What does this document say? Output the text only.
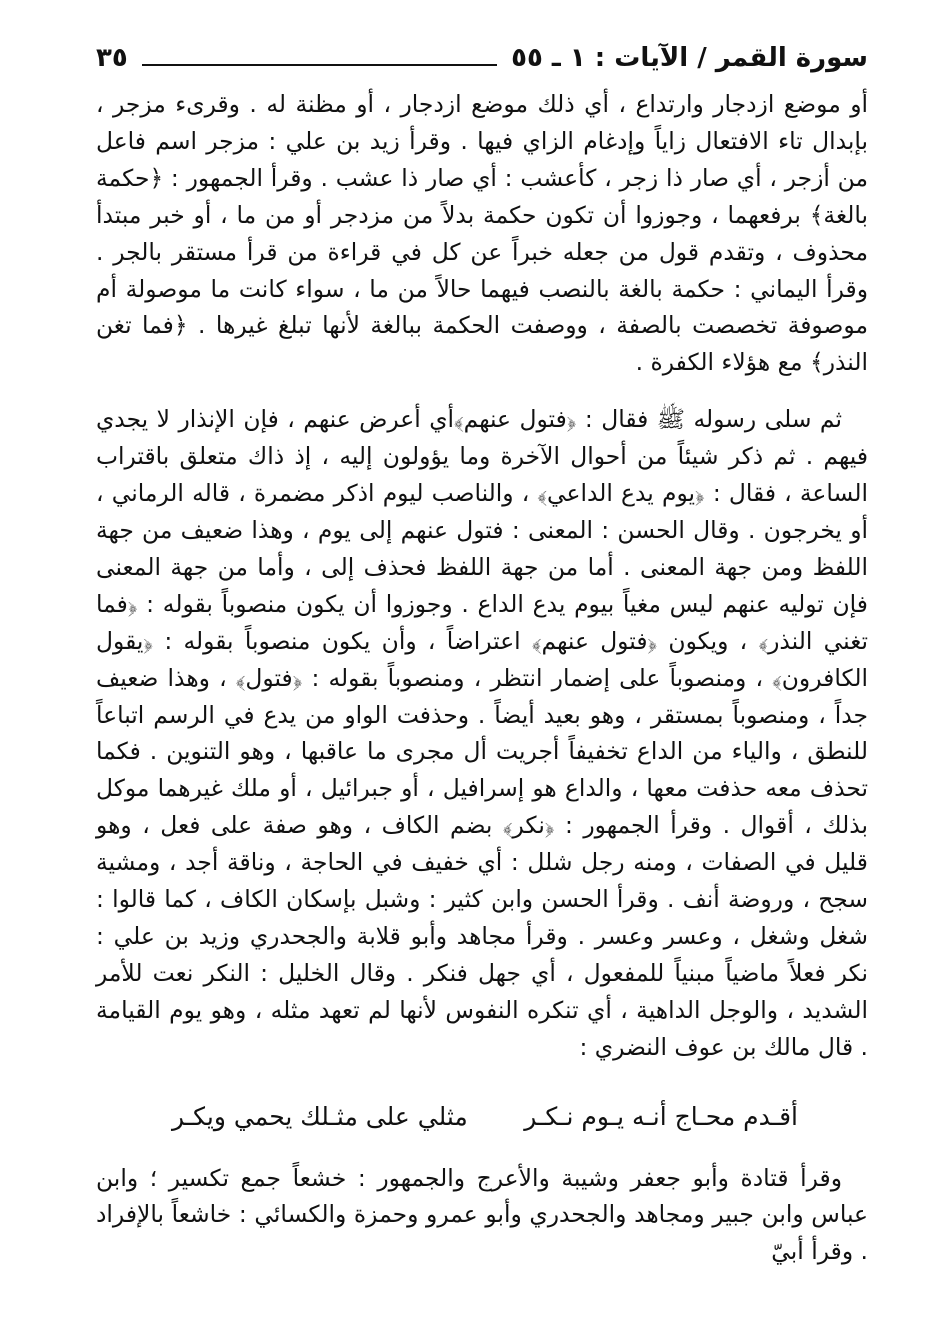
سورة القمر / الآيات : ١ ـ ٥٥
٣٥

أو موضع ازدجار وارتداع ، أي ذلك موضع ازدجار ، أو مظنة له . وقرىء مزجر ، بإبدال تاء الافتعال زاياً وإدغام الزاي فيها . وقرأ زيد بن علي : مزجر اسم فاعل من أزجر ، أي صار ذا زجر ، كأعشب : أي صار ذا عشب . وقرأ الجمهور : ﴿حكمة بالغة﴾ برفعهما ، وجوزوا أن تكون حكمة بدلاً من مزدجر أو من ما ، أو خبر مبتدأ محذوف ، وتقدم قول من جعله خبراً عن كل في قراءة من قرأ مستقر بالجر . وقرأ اليماني : حكمة بالغة بالنصب فيهما حالاً من ما ، سواء كانت ما موصولة أم موصوفة تخصصت بالصفة ، ووصفت الحكمة ببالغة لأنها تبلغ غيرها . ﴿فما تغن النذر﴾ مع هؤلاء الكفرة .

ثم سلى رسوله ﷺ فقال : ﴿فتول عنهم﴾أي أعرض عنهم ، فإن الإنذار لا يجدي فيهم . ثم ذكر شيئاً من أحوال الآخرة وما يؤولون إليه ، إذ ذاك متعلق باقتراب الساعة ، فقال : ﴿يوم يدع الداعي﴾ ، والناصب ليوم اذكر مضمرة ، قاله الرماني ، أو يخرجون . وقال الحسن : المعنى : فتول عنهم إلى يوم ، وهذا ضعيف من جهة اللفظ ومن جهة المعنى . أما من جهة اللفظ فحذف إلى ، وأما من جهة المعنى فإن توليه عنهم ليس مغياً بيوم يدع الداع . وجوزوا أن يكون منصوباً بقوله : ﴿فما تغني النذر﴾ ، ويكون ﴿فتول عنهم﴾ اعتراضاً ، وأن يكون منصوباً بقوله : ﴿يقول الكافرون﴾ ، ومنصوباً على إضمار انتظر ، ومنصوباً بقوله : ﴿فتول﴾ ، وهذا ضعيف جداً ، ومنصوباً بمستقر ، وهو بعيد أيضاً . وحذفت الواو من يدع في الرسم اتباعاً للنطق ، والياء من الداع تخفيفاً أجريت أل مجرى ما عاقبها ، وهو التنوين . فكما تحذف معه حذفت معها ، والداع هو إسرافيل ، أو جبرائيل ، أو ملك غيرهما موكل بذلك ، أقوال . وقرأ الجمهور : ﴿نكر﴾ بضم الكاف ، وهو صفة على فعل ، وهو قليل في الصفات ، ومنه رجل شلل : أي خفيف في الحاجة ، وناقة أجد ، ومشية سجح ، وروضة أنف . وقرأ الحسن وابن كثير : وشبل بإسكان الكاف ، كما قالوا : شغل وشغل ، وعسر وعسر . وقرأ مجاهد وأبو قلابة والجحدري وزيد بن علي : نكر فعلاً ماضياً مبنياً للمفعول ، أي جهل فنكر . وقال الخليل : النكر نعت للأمر الشديد ، والوجل الداهية ، أي تنكره النفوس لأنها لم تعهد مثله ، وهو يوم القيامة . قال مالك بن عوف النضري :

أقـدم محـاج أنـه يـوم نـكـر
مثلي على مثـلك يحمي ويكـر

وقرأ قتادة وأبو جعفر وشيبة والأعرج والجمهور : خشعاً جمع تكسير ؛ وابن عباس وابن جبير ومجاهد والجحدري وأبو عمرو وحمزة والكسائي : خاشعاً بالإفراد . وقرأ أبيّ
